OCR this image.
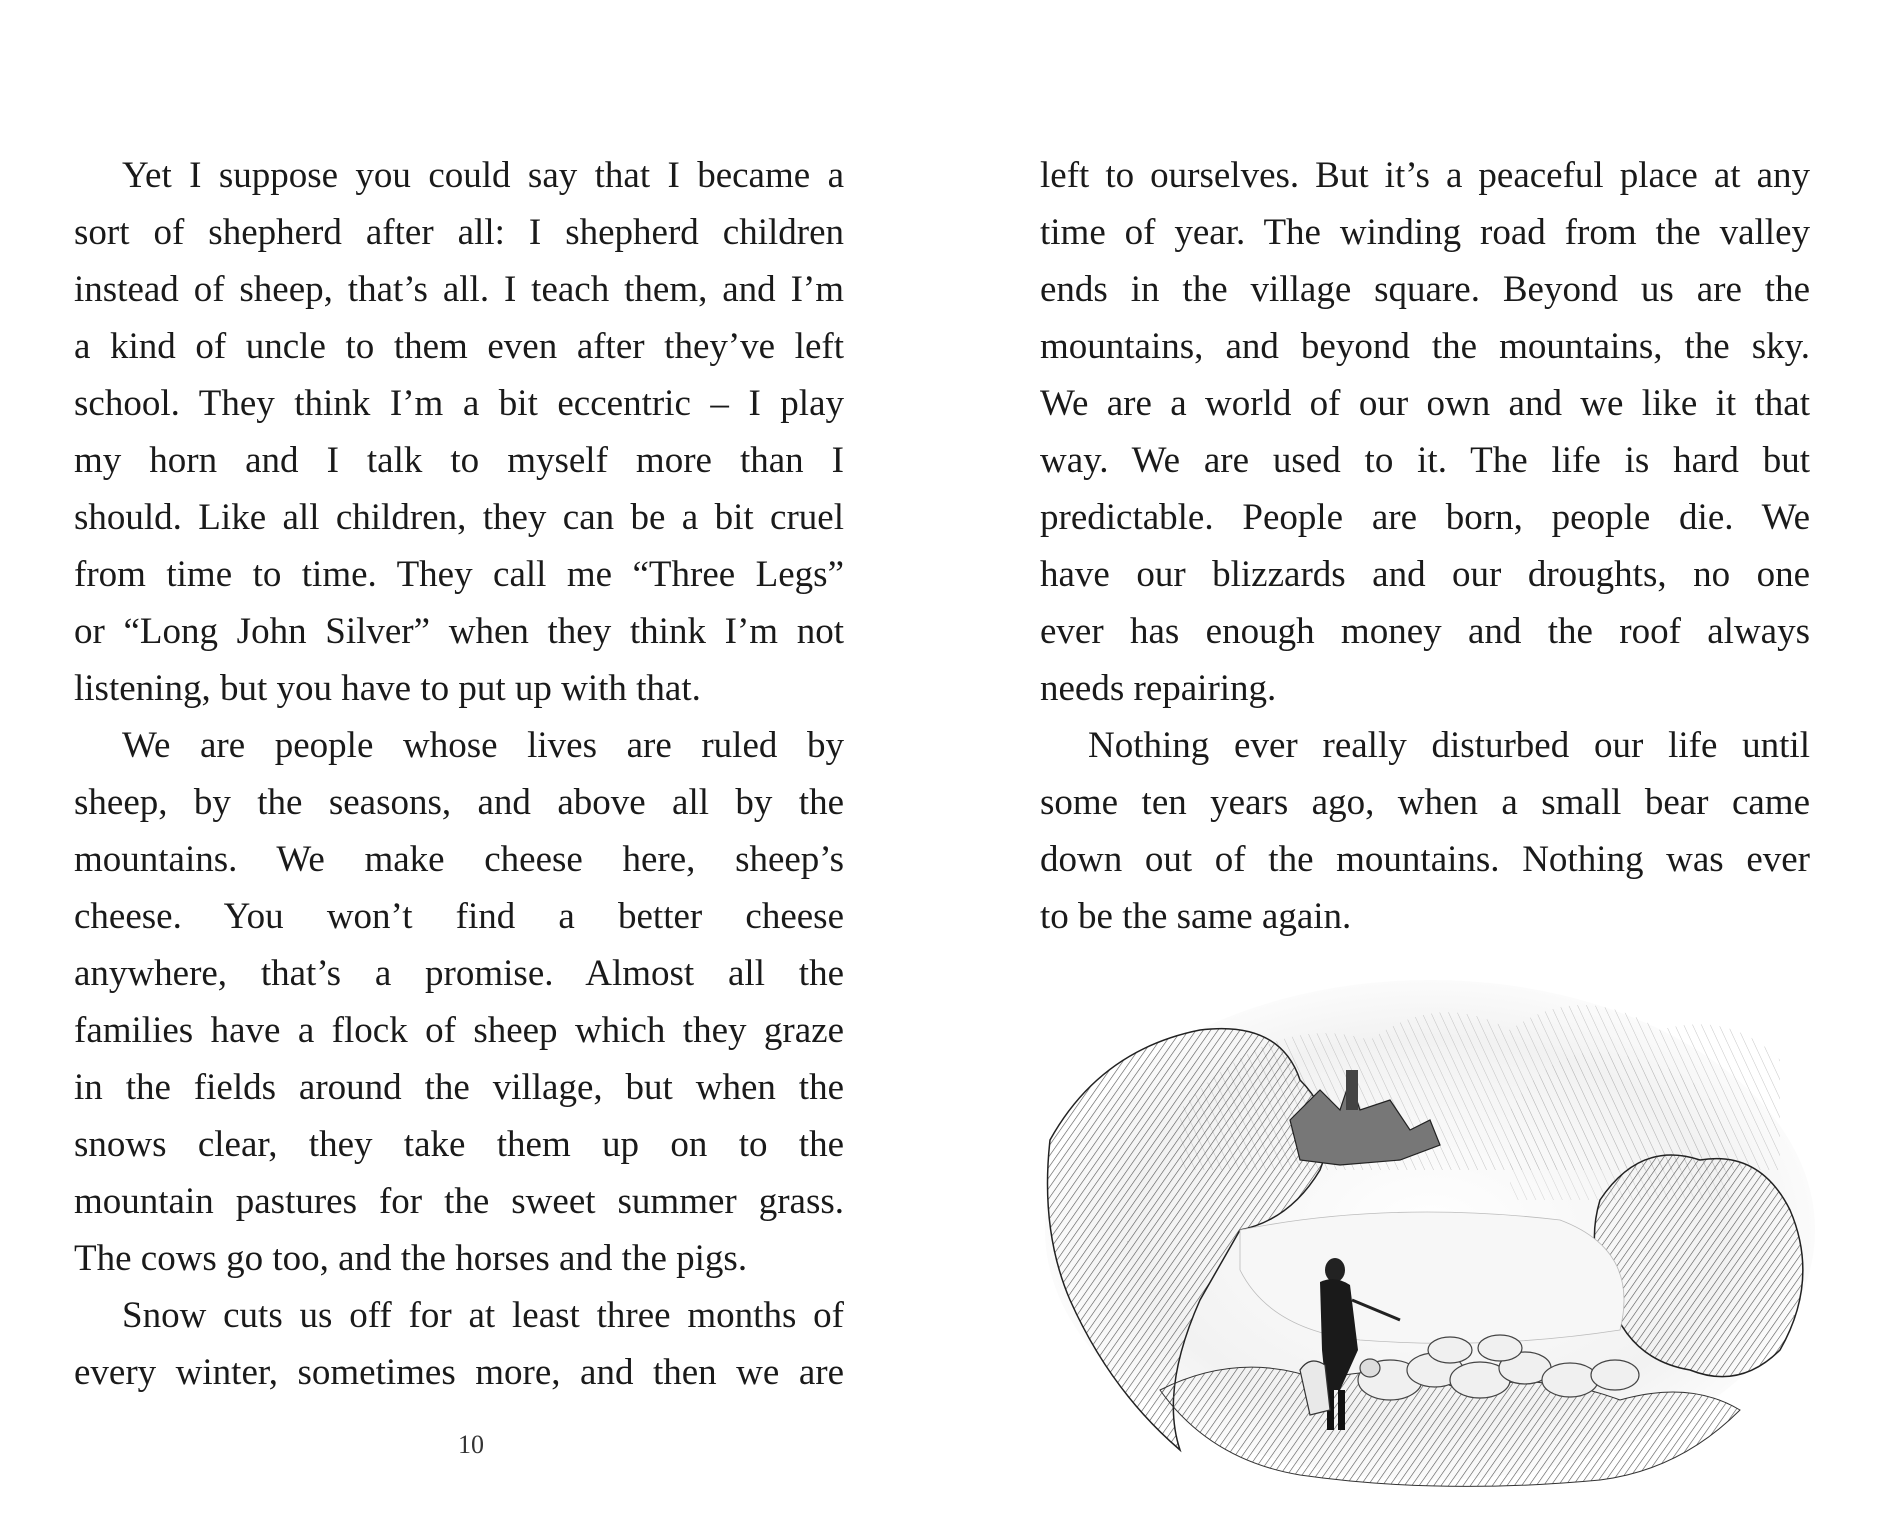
Yet I suppose you could say that I became a
sort of shepherd after all: I shepherd children
instead of sheep, that’s all. I teach them, and I’m
a kind of uncle to them even after they’ve left
school. They think I’m a bit eccentric – I play
my horn and I talk to myself more than I
should. Like all children, they can be a bit cruel
from time to time. They call me “Three Legs”
or “Long John Silver” when they think I’m not
listening, but you have to put up with that.
We are people whose lives are ruled by
sheep, by the seasons, and above all by the
mountains. We make cheese here, sheep’s
cheese. You won’t find a better cheese
anywhere, that’s a promise. Almost all the
families have a flock of sheep which they graze
in the fields around the village, but when the
snows clear, they take them up on to the
mountain pastures for the sweet summer grass.
The cows go too, and the horses and the pigs.
Snow cuts us off for at least three months of
every winter, sometimes more, and then we are
10
left to ourselves. But it’s a peaceful place at any
time of year. The winding road from the valley
ends in the village square. Beyond us are the
mountains, and beyond the mountains, the sky.
We are a world of our own and we like it that
way. We are used to it. The life is hard but
predictable. People are born, people die. We
have our blizzards and our droughts, no one
ever has enough money and the roof always
needs repairing.
Nothing ever really disturbed our life until
some ten years ago, when a small bear came
down out of the mountains. Nothing was ever
to be the same again.
